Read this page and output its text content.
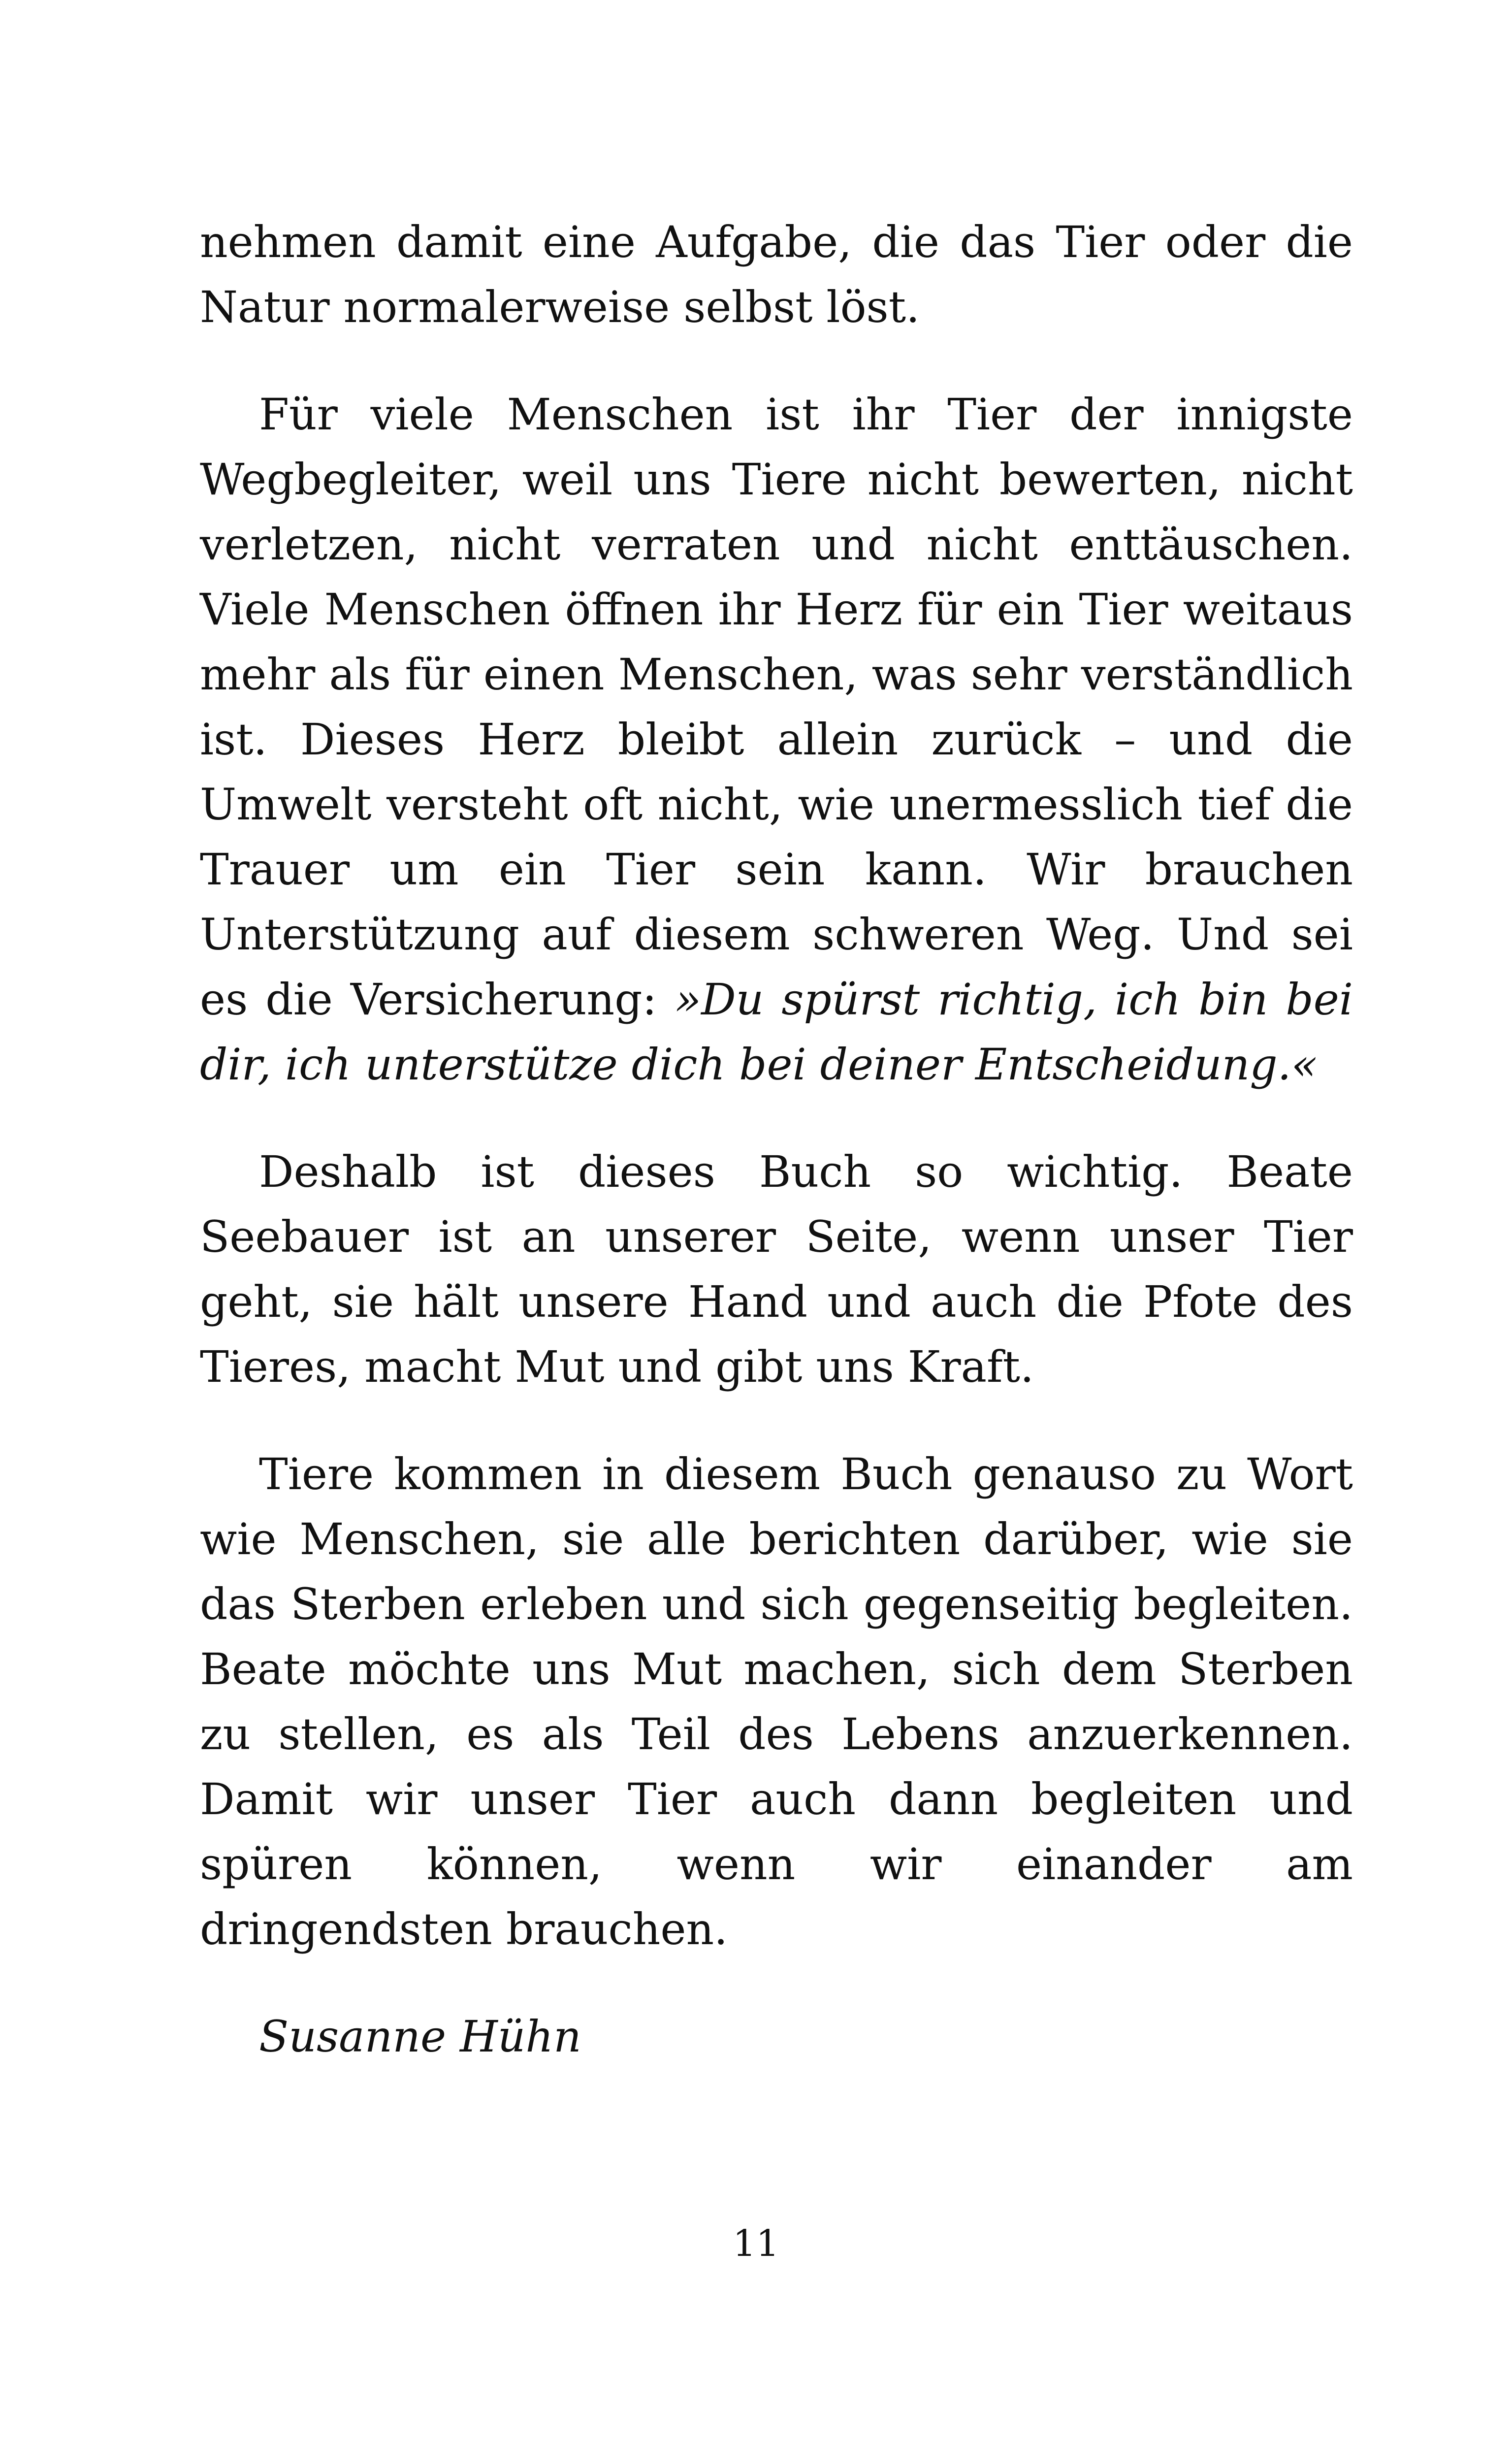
nehmen damit eine Aufgabe, die das Tier oder die Natur normalerweise selbst löst.

Für viele Menschen ist ihr Tier der innigste Wegbegleiter, weil uns Tiere nicht bewerten, nicht verletzen, nicht verraten und nicht enttäuschen. Viele Menschen öffnen ihr Herz für ein Tier weitaus mehr als für einen Menschen, was sehr verständlich ist. Dieses Herz bleibt allein zurück – und die Umwelt versteht oft nicht, wie unermesslich tief die Trauer um ein Tier sein kann. Wir brauchen Unterstützung auf diesem schweren Weg. Und sei es die Versicherung: »Du spürst richtig, ich bin bei dir, ich unterstütze dich bei deiner Entscheidung.«

Deshalb ist dieses Buch so wichtig. Beate Seebauer ist an unserer Seite, wenn unser Tier geht, sie hält unsere Hand und auch die Pfote des Tieres, macht Mut und gibt uns Kraft.

Tiere kommen in diesem Buch genauso zu Wort wie Menschen, sie alle berichten darüber, wie sie das Sterben erleben und sich gegenseitig begleiten. Beate möchte uns Mut machen, sich dem Sterben zu stellen, es als Teil des Lebens anzuerkennen. Damit wir unser Tier auch dann begleiten und spüren können, wenn wir einander am dringendsten brauchen.

Susanne Hühn

11
